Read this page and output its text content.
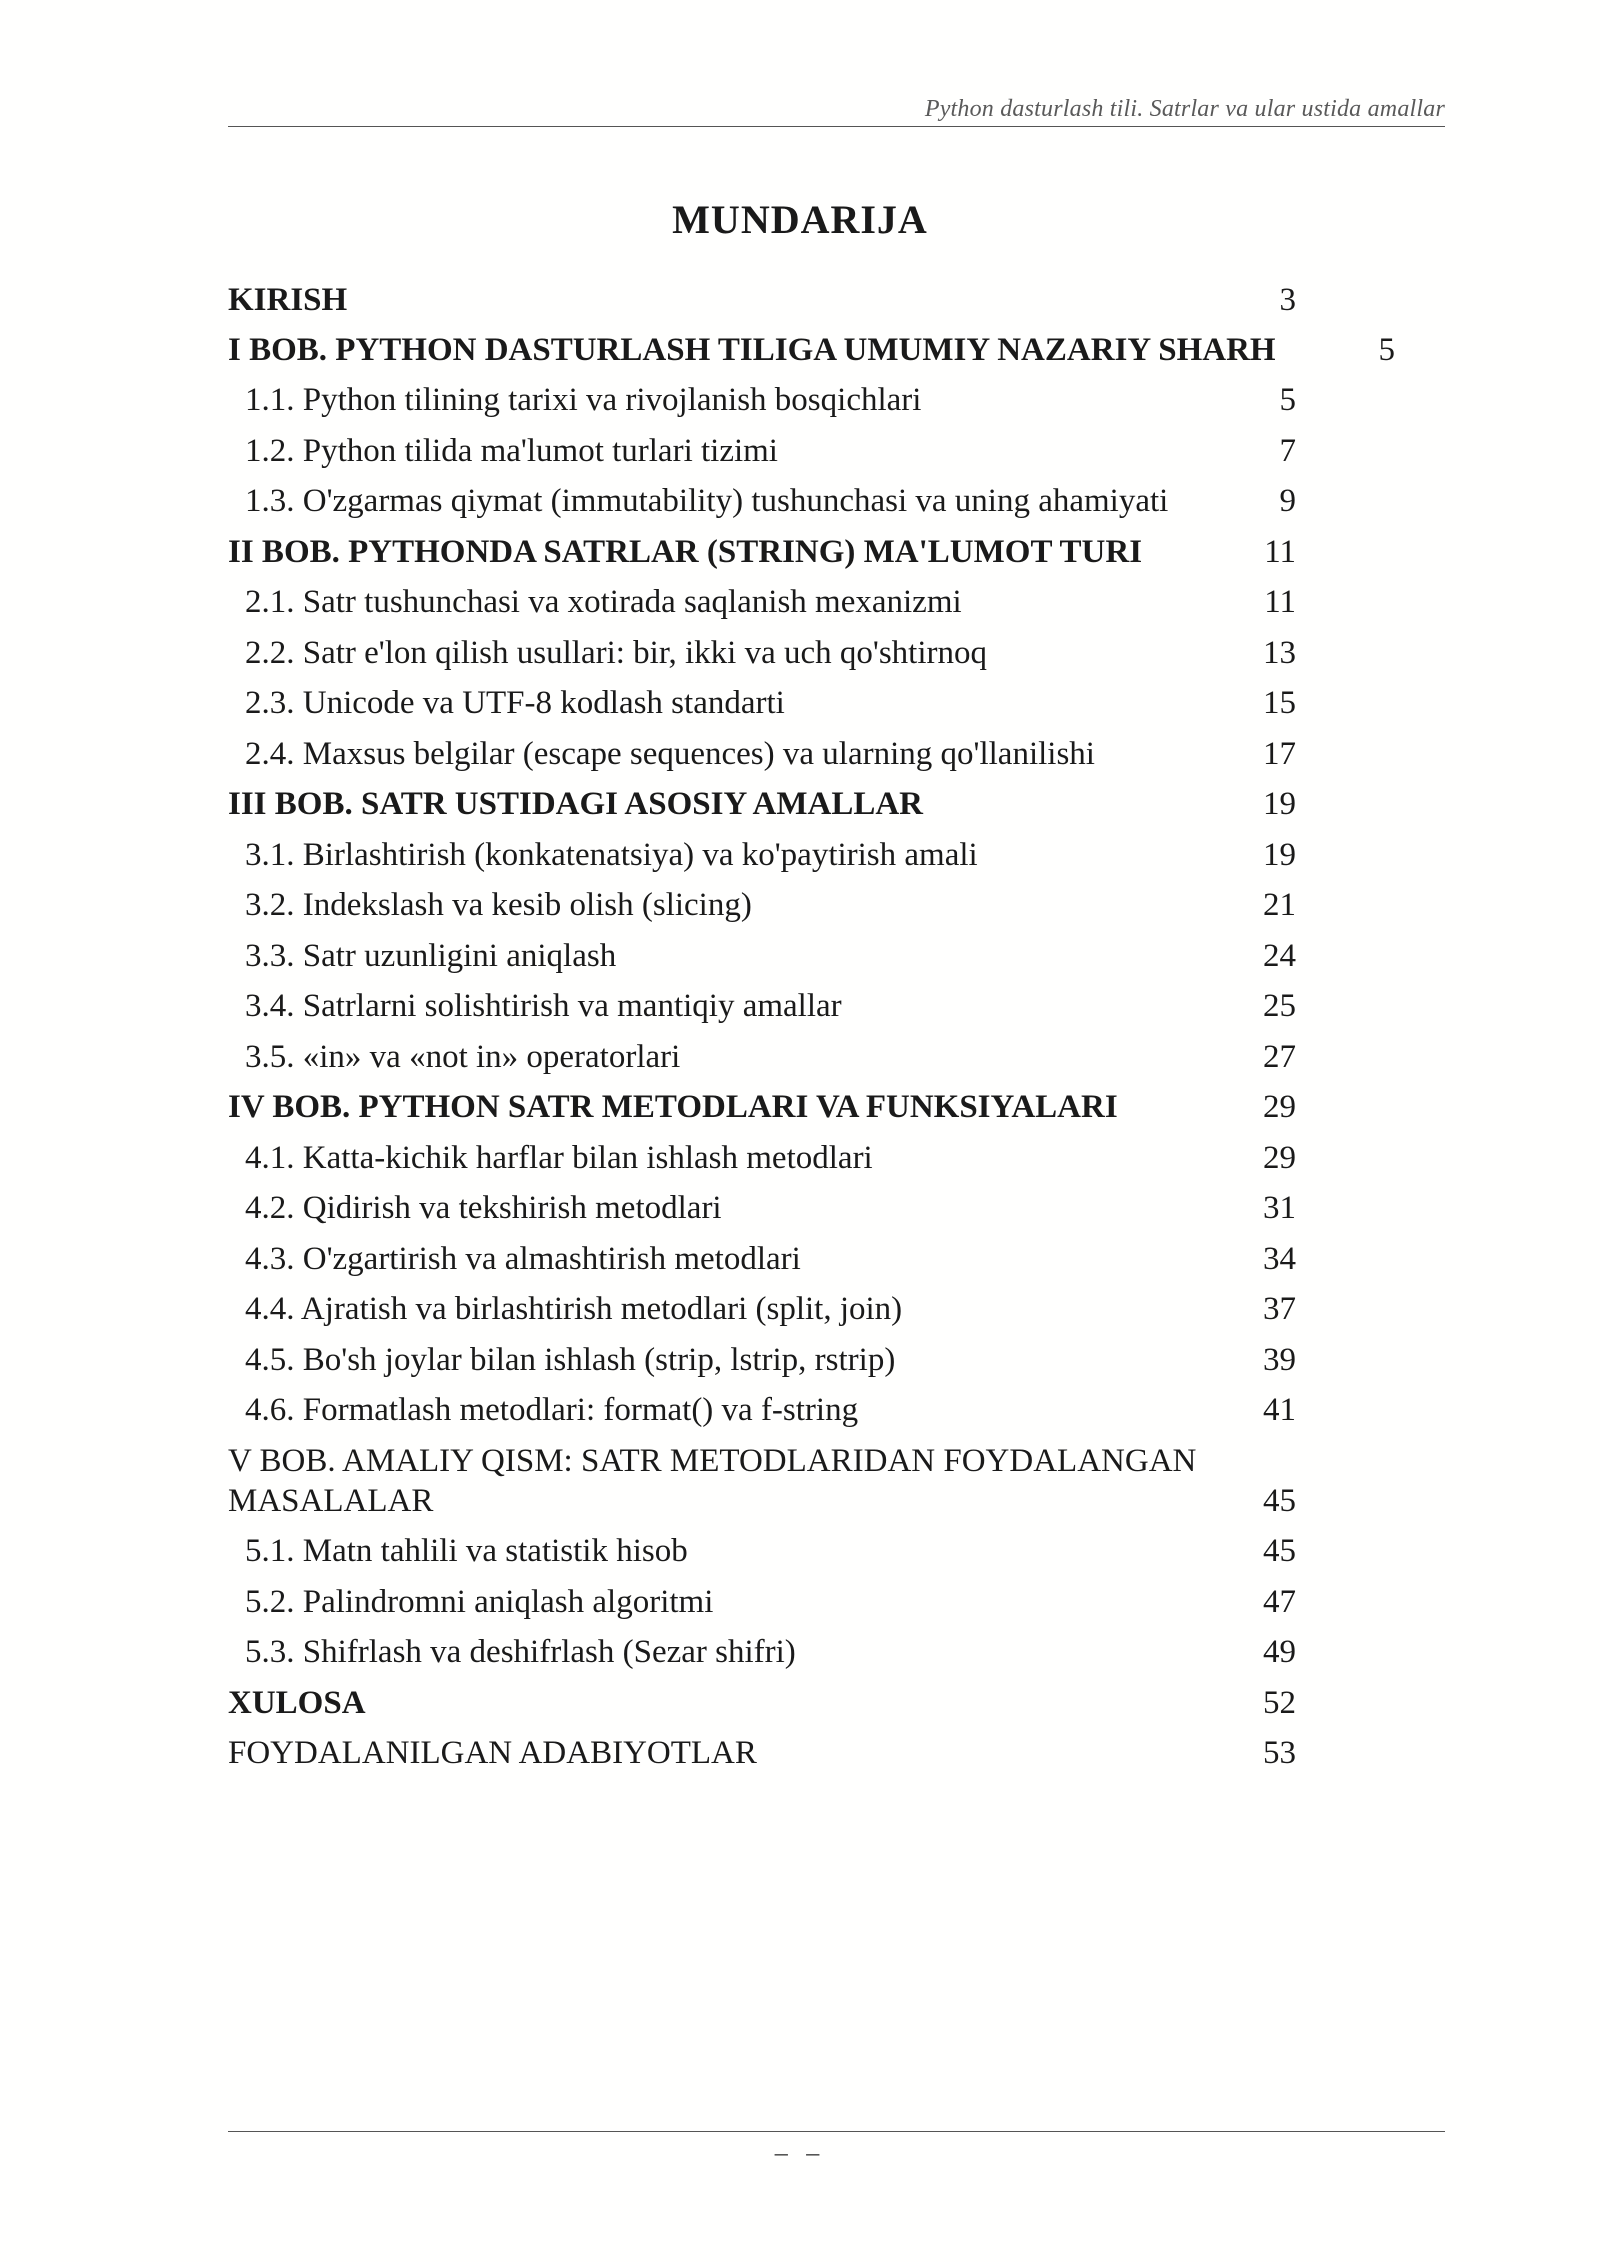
Python dasturlash tili. Satrlar va ular ustida amallar
MUNDARIJA
KIRISH	3
I BOB. PYTHON DASTURLASH TILIGA UMUMIY NAZARIY SHARH	5
1.1. Python tilining tarixi va rivojlanish bosqichlari	5
1.2. Python tilida ma'lumot turlari tizimi	7
1.3. O'zgarmas qiymat (immutability) tushunchasi va uning ahamiyati	9
II BOB. PYTHONDA SATRLAR (STRING) MA'LUMOT TURI	11
2.1. Satr tushunchasi va xotirada saqlanish mexanizmi	11
2.2. Satr e'lon qilish usullari: bir, ikki va uch qo'shtirnoq	13
2.3. Unicode va UTF-8 kodlash standarti	15
2.4. Maxsus belgilar (escape sequences) va ularning qo'llanilishi	17
III BOB. SATR USTIDAGI ASOSIY AMALLAR	19
3.1. Birlashtirish (konkatenatsiya) va ko'paytirish amali	19
3.2. Indekslash va kesib olish (slicing)	21
3.3. Satr uzunligini aniqlash	24
3.4. Satrlarni solishtirish va mantiqiy amallar	25
3.5. «in» va «not in» operatorlari	27
IV BOB. PYTHON SATR METODLARI VA FUNKSIYALARI	29
4.1. Katta-kichik harflar bilan ishlash metodlari	29
4.2. Qidirish va tekshirish metodlari	31
4.3. O'zgartirish va almashtirish metodlari	34
4.4. Ajratish va birlashtirish metodlari (split, join)	37
4.5. Bo'sh joylar bilan ishlash (strip, lstrip, rstrip)	39
4.6. Formatlash metodlari: format() va f-string	41
V BOB. AMALIY QISM: SATR METODLARIDAN FOYDALANGAN
MASALALAR	45
5.1. Matn tahlili va statistik hisob	45
5.2. Palindromni aniqlash algoritmi	47
5.3. Shifrlash va deshifrlash (Sezar shifri)	49
XULOSA	52
FOYDALANILGAN ADABIYOTLAR	53
– –
